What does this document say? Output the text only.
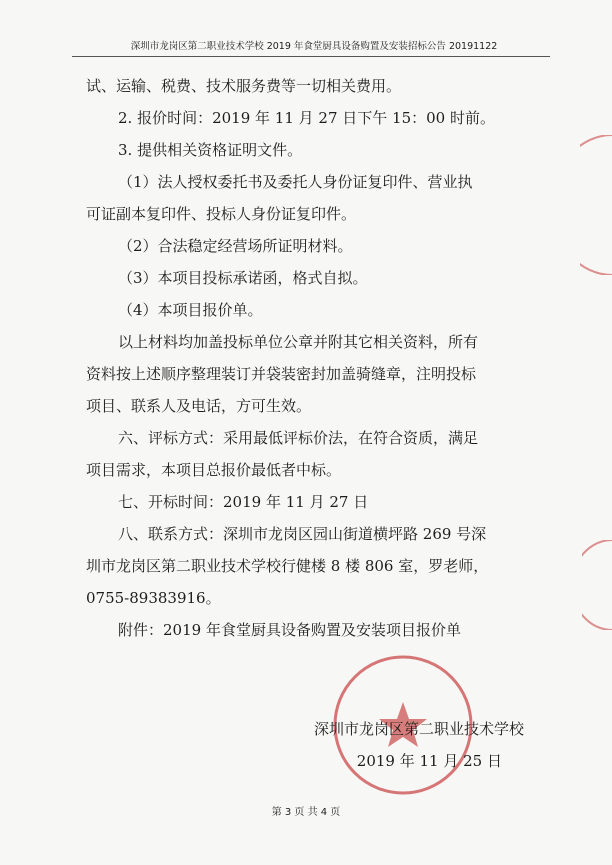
深圳市龙岗区第二职业技术学校 2019 年食堂厨具设备购置及安装招标公告 20191122

试、运输、税费、技术服务费等一切相关费用。

2. 报价时间：2019 年 11 月 27 日下午 15：00 时前。

3. 提供相关资格证明文件。

（1）法人授权委托书及委托人身份证复印件、营业执

可证副本复印件、投标人身份证复印件。

（2）合法稳定经营场所证明材料。

（3）本项目投标承诺函，格式自拟。

（4）本项目报价单。

以上材料均加盖投标单位公章并附其它相关资料，所有

资料按上述顺序整理装订并袋装密封加盖骑缝章，注明投标

项目、联系人及电话，方可生效。

六、评标方式：采用最低评标价法，在符合资质，满足

项目需求，本项目总报价最低者中标。

七、开标时间：2019 年 11 月 27 日

八、联系方式：深圳市龙岗区园山街道横坪路 269 号深

圳市龙岗区第二职业技术学校行健楼 8 楼 806 室，罗老师，

0755-89383916。

附件：2019 年食堂厨具设备购置及安装项目报价单

深圳市龙岗区第二职业技术学校
2019 年 11 月 25 日
第 3 页 共 4 页
